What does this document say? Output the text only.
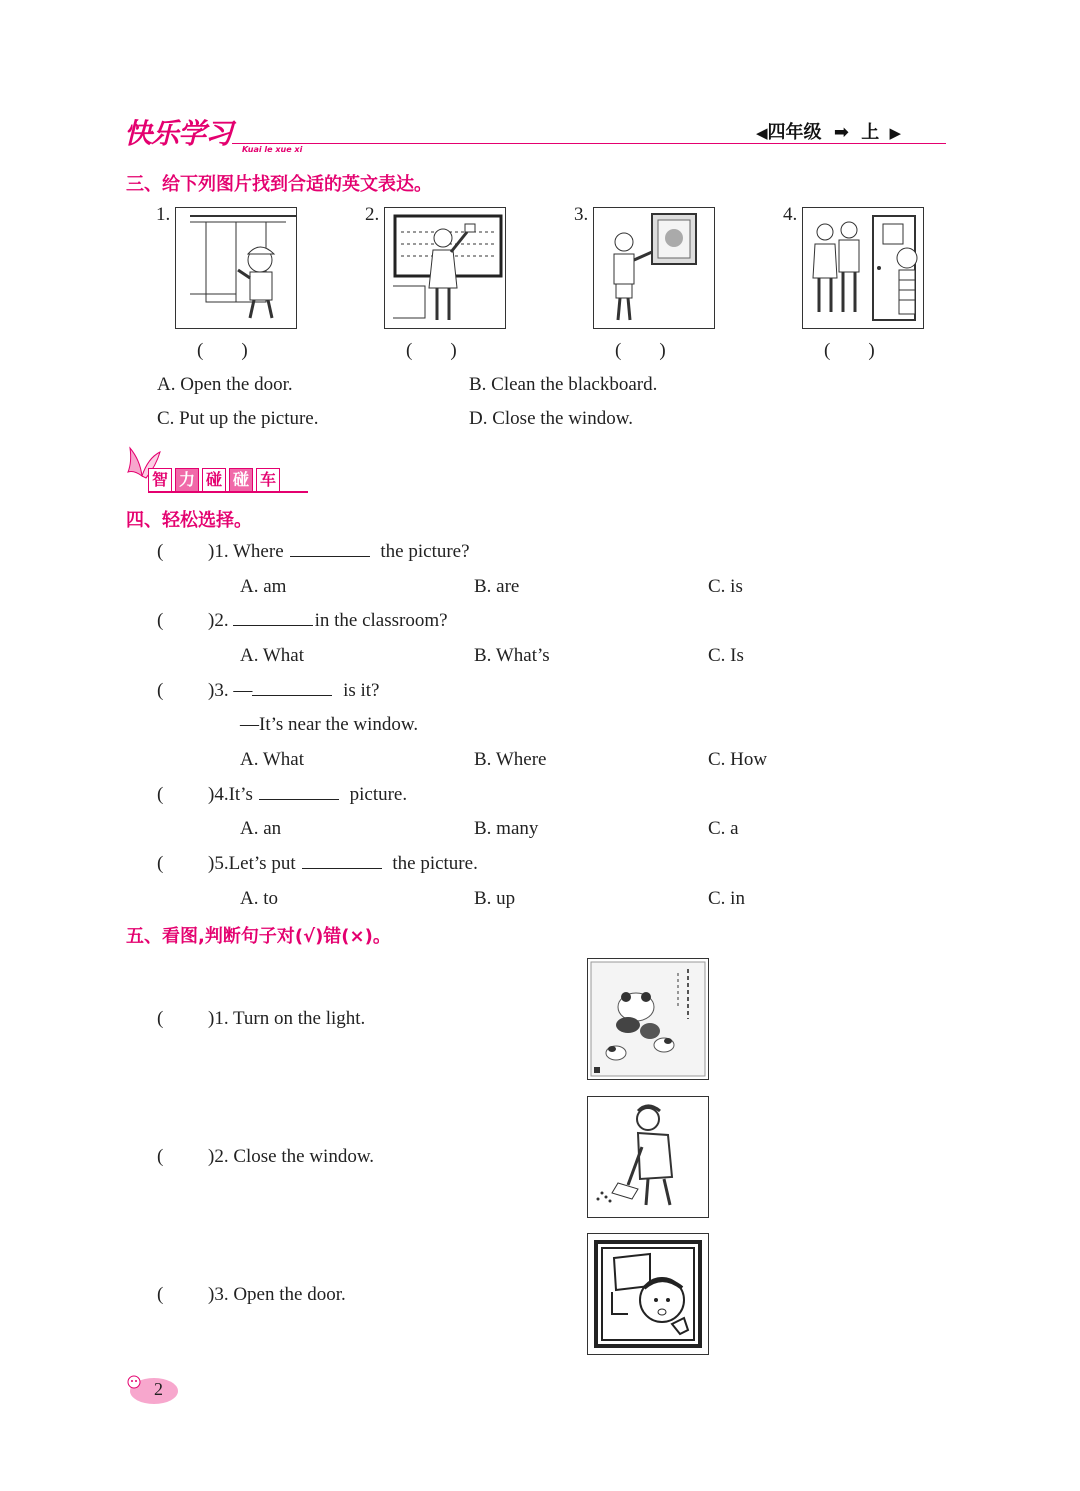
快乐学习 Kuai le xue xi
◀四年级 ➡ 上 ▶
三、给下列图片找到合适的英文表达。
1.	2.	3.	4.
(        )	(        )	(        )	(        )
A. Open the door.	B. Clean the blackboard.
C. Put up the picture.	D. Close the window.
智 力 碰 碰 车
四、轻松选择。
( )1. Where	the picture?
A. am	B. are	C. is
( )2.	in the classroom?
A. What	B. What’s	C. Is
( )3. —	is it?
—It’s near the window.
A. What	B. Where	C. How
( )4.It’s	picture.
A. an	B. many	C. a
( )5.Let’s put	the picture.
A. to	B. up	C. in
五、看图,判断句子对(√)错(×)。
( )1. Turn on the light.
( )2. Close the window.
( )3. Open the door.
2
